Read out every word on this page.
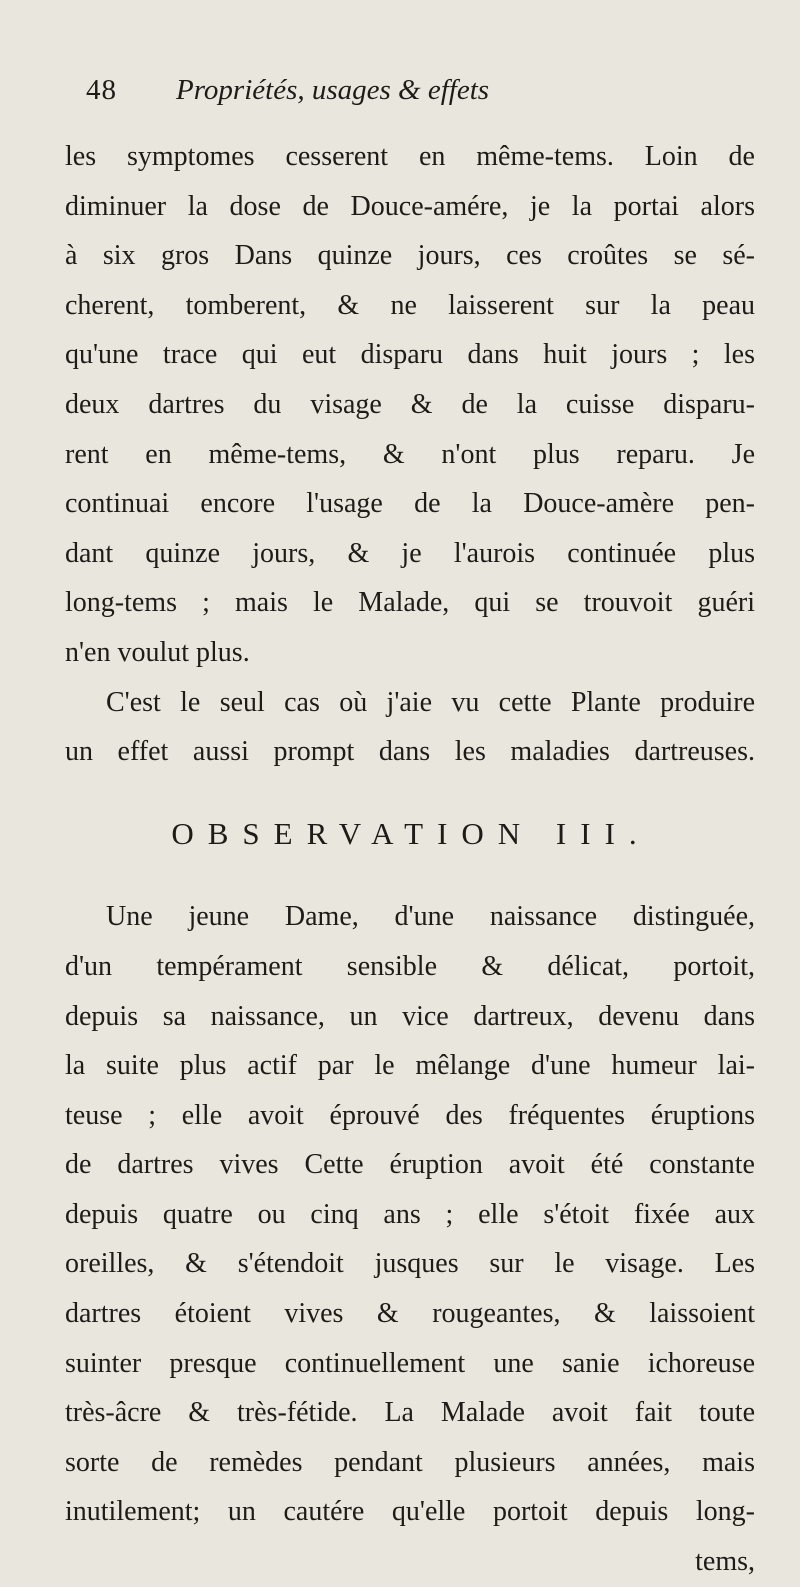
48	Propriétés, usages & effets
les symptomes cesserent en même-tems. Loin de
diminuer la dose de Douce-amére, je la portai alors
à six gros Dans quinze jours, ces croûtes se sé-
cherent, tomberent, & ne laisserent sur la peau
qu'une trace qui eut disparu dans huit jours ; les
deux dartres du visage & de la cuisse disparu-
rent en même-tems, & n'ont plus reparu. Je
continuai encore l'usage de la Douce-amère pen-
dant quinze jours, & je l'aurois continuée plus
long-tems ; mais le Malade, qui se trouvoit guéri
n'en voulut plus.
C'est le seul cas où j'aie vu cette Plante produire
un effet aussi prompt dans les maladies dartreuses.
OBSERVATION III.
Une jeune Dame, d'une naissance distinguée,
d'un tempérament sensible & délicat, portoit,
depuis sa naissance, un vice dartreux, devenu dans
la suite plus actif par le mêlange d'une humeur lai-
teuse ; elle avoit éprouvé des fréquentes éruptions
de dartres vives Cette éruption avoit été constante
depuis quatre ou cinq ans ; elle s'étoit fixée aux
oreilles, & s'étendoit jusques sur le visage. Les
dartres étoient vives & rougeantes, & laissoient
suinter presque continuellement une sanie ichoreuse
très-âcre & très-fétide. La Malade avoit fait toute
sorte de remèdes pendant plusieurs années, mais
inutilement; un cautére qu'elle portoit depuis long-
tems,
